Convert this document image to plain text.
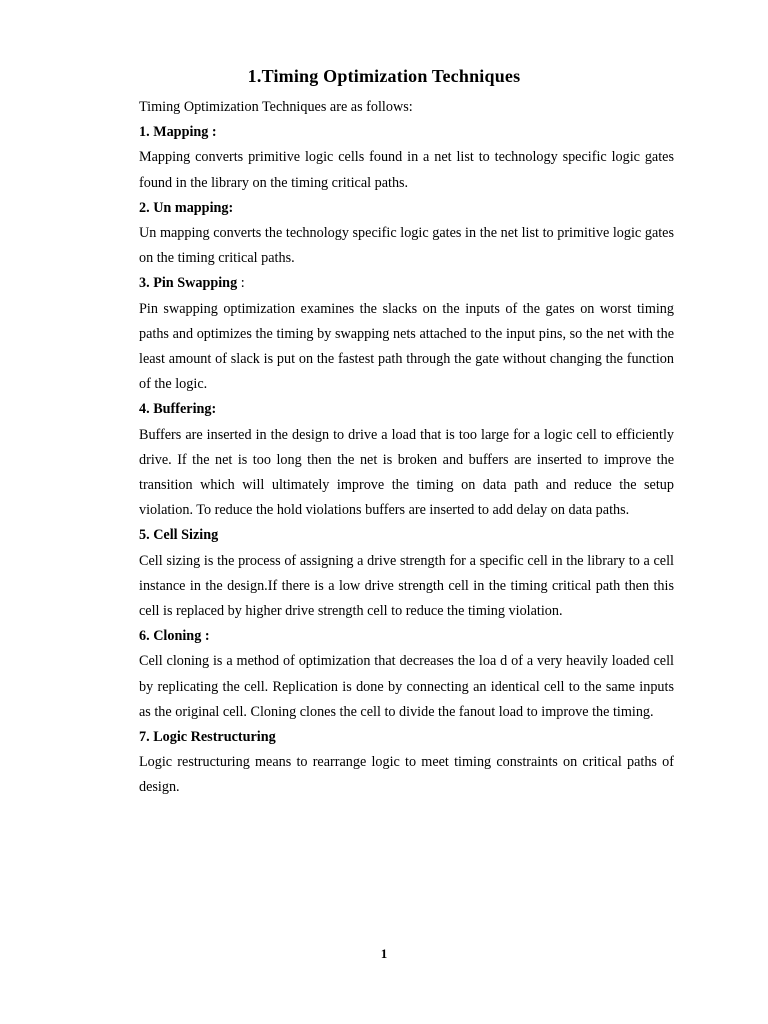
1.Timing Optimization Techniques

Timing Optimization Techniques are as follows:

1. Mapping :

Mapping converts primitive logic cells found in a net list to technology specific logic gates found in the library on the timing critical paths.

2. Un mapping:

Un mapping converts the technology specific logic gates in the net list to primitive logic gates on the timing critical paths.

3. Pin Swapping :

Pin swapping optimization examines the slacks on the inputs of the gates on worst timing paths and optimizes the timing by swapping nets attached to the input pins, so the net with the least amount of slack is put on the fastest path through the gate without changing the function of the logic.

4. Buffering:

Buffers are inserted in the design to drive a load that is too large for a logic cell to efficiently drive. If the net is too long then the net is broken and buffers are inserted to improve the transition which will ultimately improve the timing on data path and reduce the setup violation. To reduce the hold violations buffers are inserted to add delay on data paths.

5. Cell Sizing

Cell sizing is the process of assigning a drive strength for a specific cell in the library to a cell instance in the design.If there is a low drive strength cell in the timing critical path then this cell is replaced by higher drive strength cell to reduce the timing violation.

6. Cloning :

Cell cloning is a method of optimization that decreases the loa d of a very heavily loaded cell by replicating the cell. Replication is done by connecting an identical cell to the same inputs as the original cell. Cloning clones the cell to divide the fanout load to improve the timing.

7. Logic Restructuring

Logic restructuring means to rearrange logic to meet timing constraints on critical paths of design.

1
